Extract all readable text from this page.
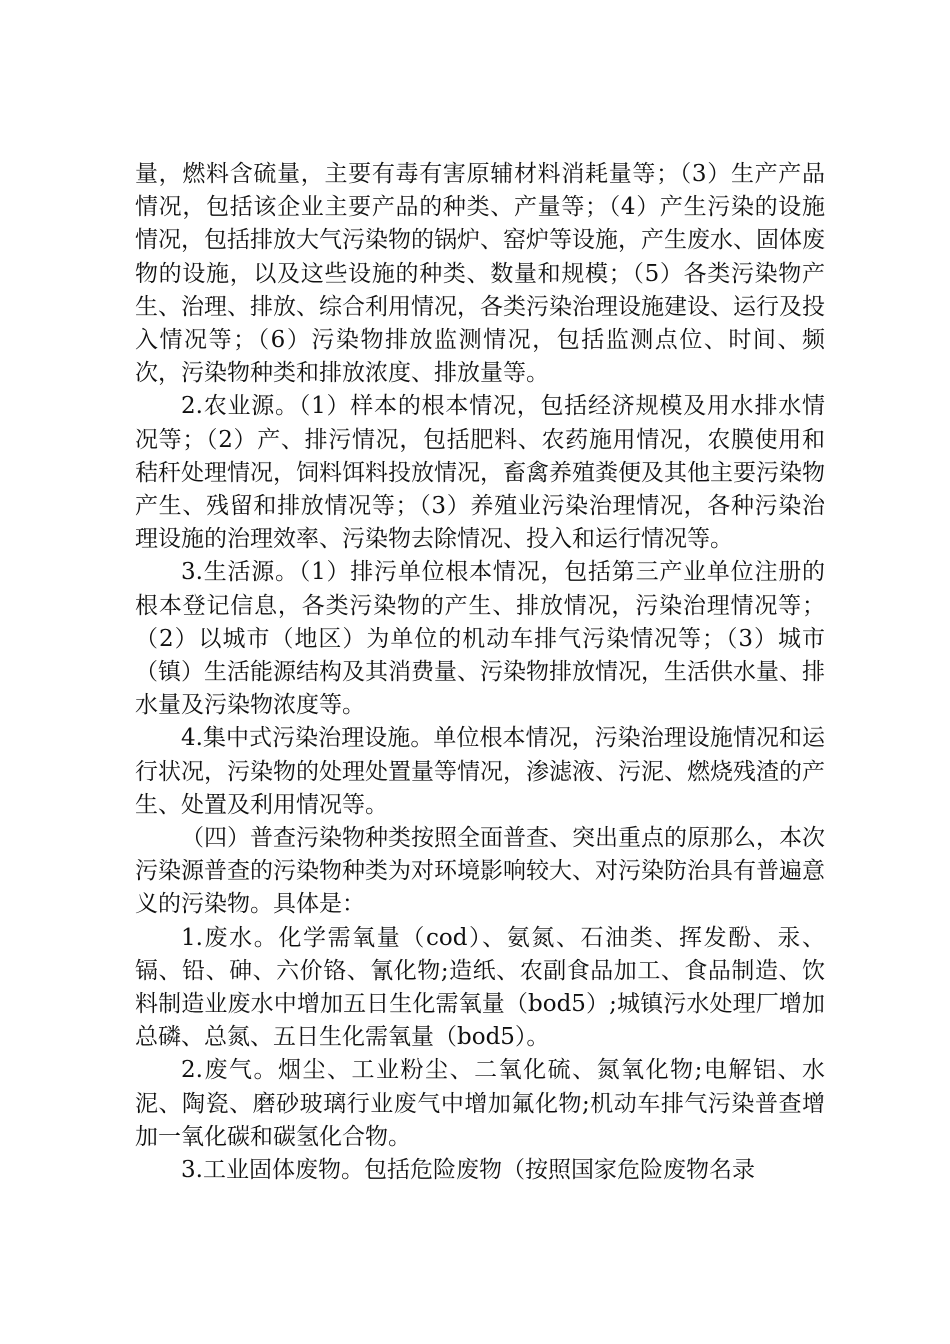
量，燃料含硫量，主要有毒有害原辅材料消耗量等；（3）生产产品情况，包括该企业主要产品的种类、产量等；（4）产生污染的设施情况，包括排放大气污染物的锅炉、窑炉等设施，产生废水、固体废物的设施，以及这些设施的种类、数量和规模；（5）各类污染物产生、治理、排放、综合利用情况，各类污染治理设施建设、运行及投入情况等；（6）污染物排放监测情况，包括监测点位、时间、频次，污染物种类和排放浓度、排放量等。

2.农业源。（1）样本的根本情况，包括经济规模及用水排水情况等；（2）产、排污情况，包括肥料、农药施用情况，农膜使用和秸秆处理情况，饲料饵料投放情况，畜禽养殖粪便及其他主要污染物产生、残留和排放情况等；（3）养殖业污染治理情况，各种污染治理设施的治理效率、污染物去除情况、投入和运行情况等。

3.生活源。（1）排污单位根本情况，包括第三产业单位注册的根本登记信息，各类污染物的产生、排放情况，污染治理情况等；（2）以城市（地区）为单位的机动车排气污染情况等；（3）城市（镇）生活能源结构及其消费量、污染物排放情况，生活供水量、排水量及污染物浓度等。

4.集中式污染治理设施。单位根本情况，污染治理设施情况和运行状况，污染物的处理处置量等情况，渗滤液、污泥、燃烧残渣的产生、处置及利用情况等。

（四）普查污染物种类按照全面普查、突出重点的原那么，本次污染源普查的污染物种类为对环境影响较大、对污染防治具有普遍意义的污染物。具体是：

1.废水。化学需氧量（cod）、氨氮、石油类、挥发酚、汞、镉、铅、砷、六价铬、氰化物;造纸、农副食品加工、食品制造、饮料制造业废水中增加五日生化需氧量（bod5）;城镇污水处理厂增加总磷、总氮、五日生化需氧量（bod5）。

2.废气。烟尘、工业粉尘、二氧化硫、氮氧化物;电解铝、水泥、陶瓷、磨砂玻璃行业废气中增加氟化物;机动车排气污染普查增加一氧化碳和碳氢化合物。

3.工业固体废物。包括危险废物（按照国家危险废物名录
